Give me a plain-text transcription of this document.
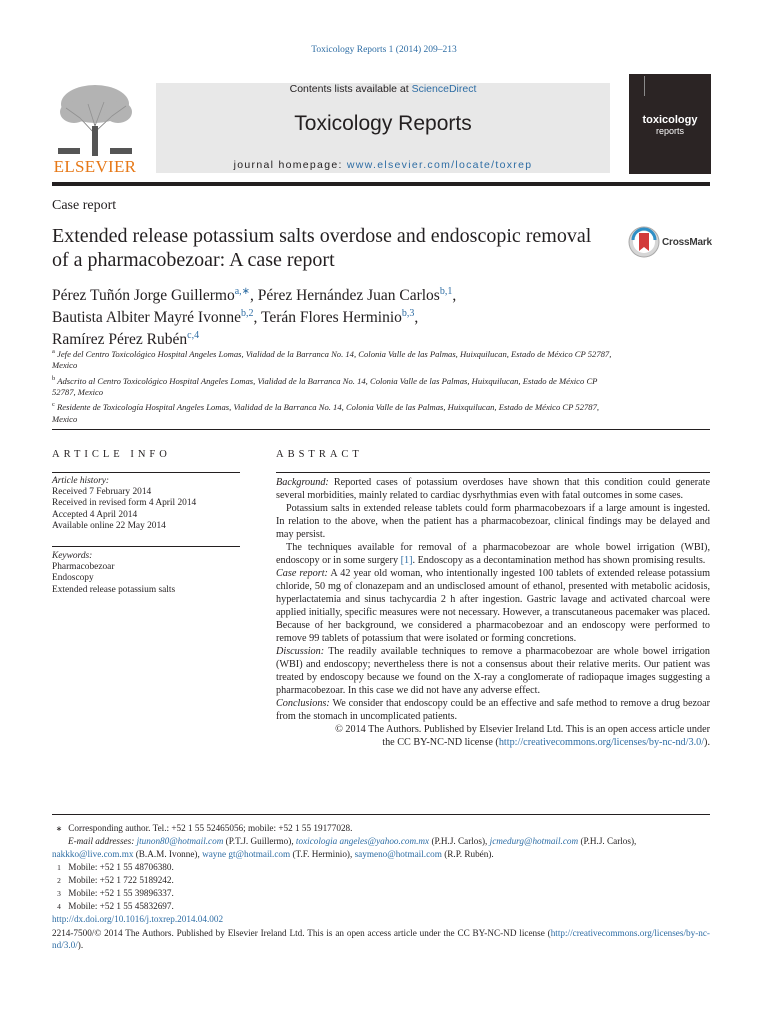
Toxicology Reports 1 (2014) 209–213
ELSEVIER
Contents lists available at ScienceDirect
Toxicology Reports
journal homepage: www.elsevier.com/locate/toxrep
toxicology
reports
Case report
Extended release potassium salts overdose and endoscopic removal of a pharmacobezoar: A case report
CrossMark
Pérez Tuñón Jorge Guillermo$^{a,∗}$, Pérez Hernández Juan Carlos$^{b,1}$,
Bautista Albiter Mayré Ivonne$^{b,2}$, Terán Flores Herminio$^{b,3}$,
Ramírez Pérez Rubén$^{c,4}$

$^a$ Jefe del Centro Toxicológico Hospital Angeles Lomas, Vialidad de la Barranca No. 14, Colonia Valle de las Palmas, Huixquilucan, Estado de México CP 52787, Mexico

$^b$ Adscrito al Centro Toxicológico Hospital Angeles Lomas, Vialidad de la Barranca No. 14, Colonia Valle de las Palmas, Huixquilucan, Estado de México CP 52787, Mexico

$^c$ Residente de Toxicología Hospital Angeles Lomas, Vialidad de la Barranca No. 14, Colonia Valle de las Palmas, Huixquilucan, Estado de México CP 52787, Mexico

ARTICLE INFO
Article history:
Received 7 February 2014
Received in revised form 4 April 2014
Accepted 4 April 2014
Available online 22 May 2014
Keywords:
Pharmacobezoar
Endoscopy
Extended release potassium salts
ABSTRACT

Background: Reported cases of potassium overdoses have shown that this condition could generate several morbidities, mainly related to cardiac dysrhythmias even with fatal outcomes in some cases.

Potassium salts in extended release tablets could form pharmacobezoars if a large amount is ingested. In relation to the above, when the patient has a pharmacobezoar, clinical findings may be delayed and may persist.

The techniques available for removal of a pharmacobezoar are whole bowel irrigation (WBI), endoscopy or in some surgery [1]. Endoscopy as a decontamination method has shown promising results.

Case report: A 42 year old woman, who intentionally ingested 100 tablets of extended release potassium chloride, 50 mg of clonazepam and an undisclosed amount of ethanol, presented with metabolic acidosis, hyperlactatemia and sinus tachycardia 2 h after ingestion. Gastric lavage and activated charcoal were applied initially, specific measures were not necessary. However, a transcutaneous pacemaker was placed. Because of her background, we considered a pharmacobezoar and an endoscopy were performed to remove 99 tablets of potassium that were isolated or forming concretions.

Discussion: The readily available techniques to remove a pharmacobezoar are whole bowel irrigation (WBI) and endoscopy; nevertheless there is not a consensus about their relative merits. Our patient was treated by endoscopy because we found on the X-ray a conglomerate of radiopaque images suggesting a pharmacobezoar. In this case we did not have any adverse effect.

Conclusions: We consider that endoscopy could be an effective and safe method to remove a drug bezoar from the stomach in uncomplicated patients.

© 2014 The Authors. Published by Elsevier Ireland Ltd. This is an open access article under

the CC BY-NC-ND license (http://creativecommons.org/licenses/by-nc-nd/3.0/).

∗ Corresponding author. Tel.: +52 1 55 52465056; mobile: +52 1 55 19177028.

E-mail addresses: jtunon80@hotmail.com (P.T.J. Guillermo), toxicologia angeles@yahoo.com.mx (P.H.J. Carlos), jcmedurg@hotmail.com (P.H.J. Carlos),

nakkko@live.com.mx (B.A.M. Ivonne), wayne gt@hotmail.com (T.F. Herminio), saymeno@hotmail.com (R.P. Rubén).

1 Mobile: +52 1 55 48706380.

2 Mobile: +52 1 722 5189242.

3 Mobile: +52 1 55 39896337.

4 Mobile: +52 1 55 45832697.

http://dx.doi.org/10.1016/j.toxrep.2014.04.002
2214-7500/© 2014 The Authors. Published by Elsevier Ireland Ltd. This is an open access article under the CC BY-NC-ND license (http://creativecommons.org/licenses/by-nc-nd/3.0/).
